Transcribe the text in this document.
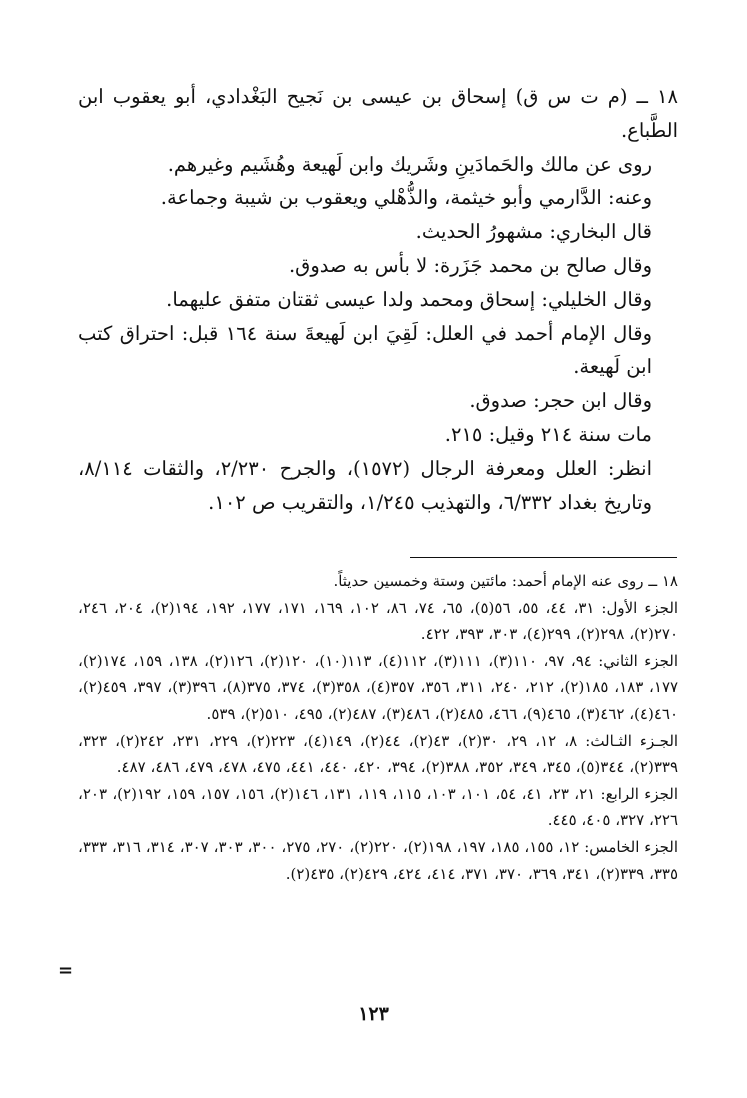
١٨ ــ (م ت س ق) إسحاق بن عيسى بن نَجيح البَغْدادي، أبو يعقوب ابن الطَّباع.

روى عن مالك والحَمادَينِ وشَريك وابن لَهيعة وهُشَيم وغيرهم.

وعنه: الدَّارمي وأبو خيثمة، والذُّهْلي ويعقوب بن شيبة وجماعة.

قال البخاري: مشهورُ الحديث.

وقال صالح بن محمد جَزَرة: لا بأس به صدوق.

وقال الخليلي: إسحاق ومحمد ولدا عيسى ثقتان متفق عليهما.

وقال الإمام أحمد في العلل: لَقِيَ ابن لَهيعةَ سنة ١٦٤ قبل: احتراق كتب ابن لَهيعة.

وقال ابن حجر: صدوق.

مات سنة ٢١٤ وقيل: ٢١٥.

انظر: العلل ومعرفة الرجال (١٥٧٢)، والجرح ٢/٢٣٠، والثقات ٨/١١٤، وتاريخ بغداد ٦/٣٣٢، والتهذيب ١/٢٤٥، والتقريب ص ١٠٢.

١٨ ــ روى عنه الإمام أحمد: مائتين وستة وخمسين حديثاً.

الجزء الأول: ٣١، ٤٤، ٥٥، ٥٦(٥)، ٦٥، ٧٤، ٨٦، ١٠٢، ١٦٩، ١٧١، ١٧٧، ١٩٢، ١٩٤(٢)، ٢٠٤، ٢٤٦، ٢٧٠(٢)، ٢٩٨(٢)، ٢٩٩(٤)، ٣٠٣، ٣٩٣، ٤٢٢.

الجزء الثاني: ٩٤، ٩٧، ١١٠(٣)، ١١١(٣)، ١١٢(٤)، ١١٣(١٠)، ١٢٠(٢)، ١٢٦(٢)، ١٣٨، ١٥٩، ١٧٤(٢)، ١٧٧، ١٨٣، ١٨٥(٢)، ٢١٢، ٢٤٠، ٣١١، ٣٥٦، ٣٥٧(٤)، ٣٥٨(٣)، ٣٧٤، ٣٧٥(٨)، ٣٩٦(٣)، ٣٩٧، ٤٥٩(٢)، ٤٦٠(٤)، ٤٦٢(٣)، ٤٦٥(٩)، ٤٦٦، ٤٨٥(٢)، ٤٨٦(٣)، ٤٨٧(٢)، ٤٩٥، ٥١٠(٢)، ٥٣٩.

الجـزء الثـالث: ٨، ١٢، ٢٩، ٣٠(٢)، ٤٣(٢)، ٤٤(٢)، ١٤٩(٤)، ٢٢٣(٢)، ٢٢٩، ٢٣١، ٢٤٢(٢)، ٣٢٣، ٣٣٩(٢)، ٣٤٤(٥)، ٣٤٥، ٣٤٩، ٣٥٢، ٣٨٨(٢)، ٣٩٤، ٤٢٠، ٤٤٠، ٤٤١، ٤٧٥، ٤٧٨، ٤٧٩، ٤٨٦، ٤٨٧.

الجزء الرابع: ٢١، ٢٣، ٤١، ٥٤، ١٠١، ١٠٣، ١١٥، ١١٩، ١٣١، ١٤٦(٢)، ١٥٦، ١٥٧، ١٥٩، ١٩٢(٢)، ٢٠٣، ٢٢٦، ٣٢٧، ٤٠٥، ٤٤٥.

الجزء الخامس: ١٢، ١٥٥، ١٨٥، ١٩٧، ١٩٨(٢)، ٢٢٠(٢)، ٢٧٠، ٢٧٥، ٣٠٠، ٣٠٣، ٣٠٧، ٣١٤، ٣١٦، ٣٣٣، ٣٣٥، ٣٣٩(٢)، ٣٤١، ٣٦٩، ٣٧٠، ٣٧١، ٤١٤، ٤٢٤، ٤٢٩(٢)، ٤٣٥(٢).

=
١٢٣
